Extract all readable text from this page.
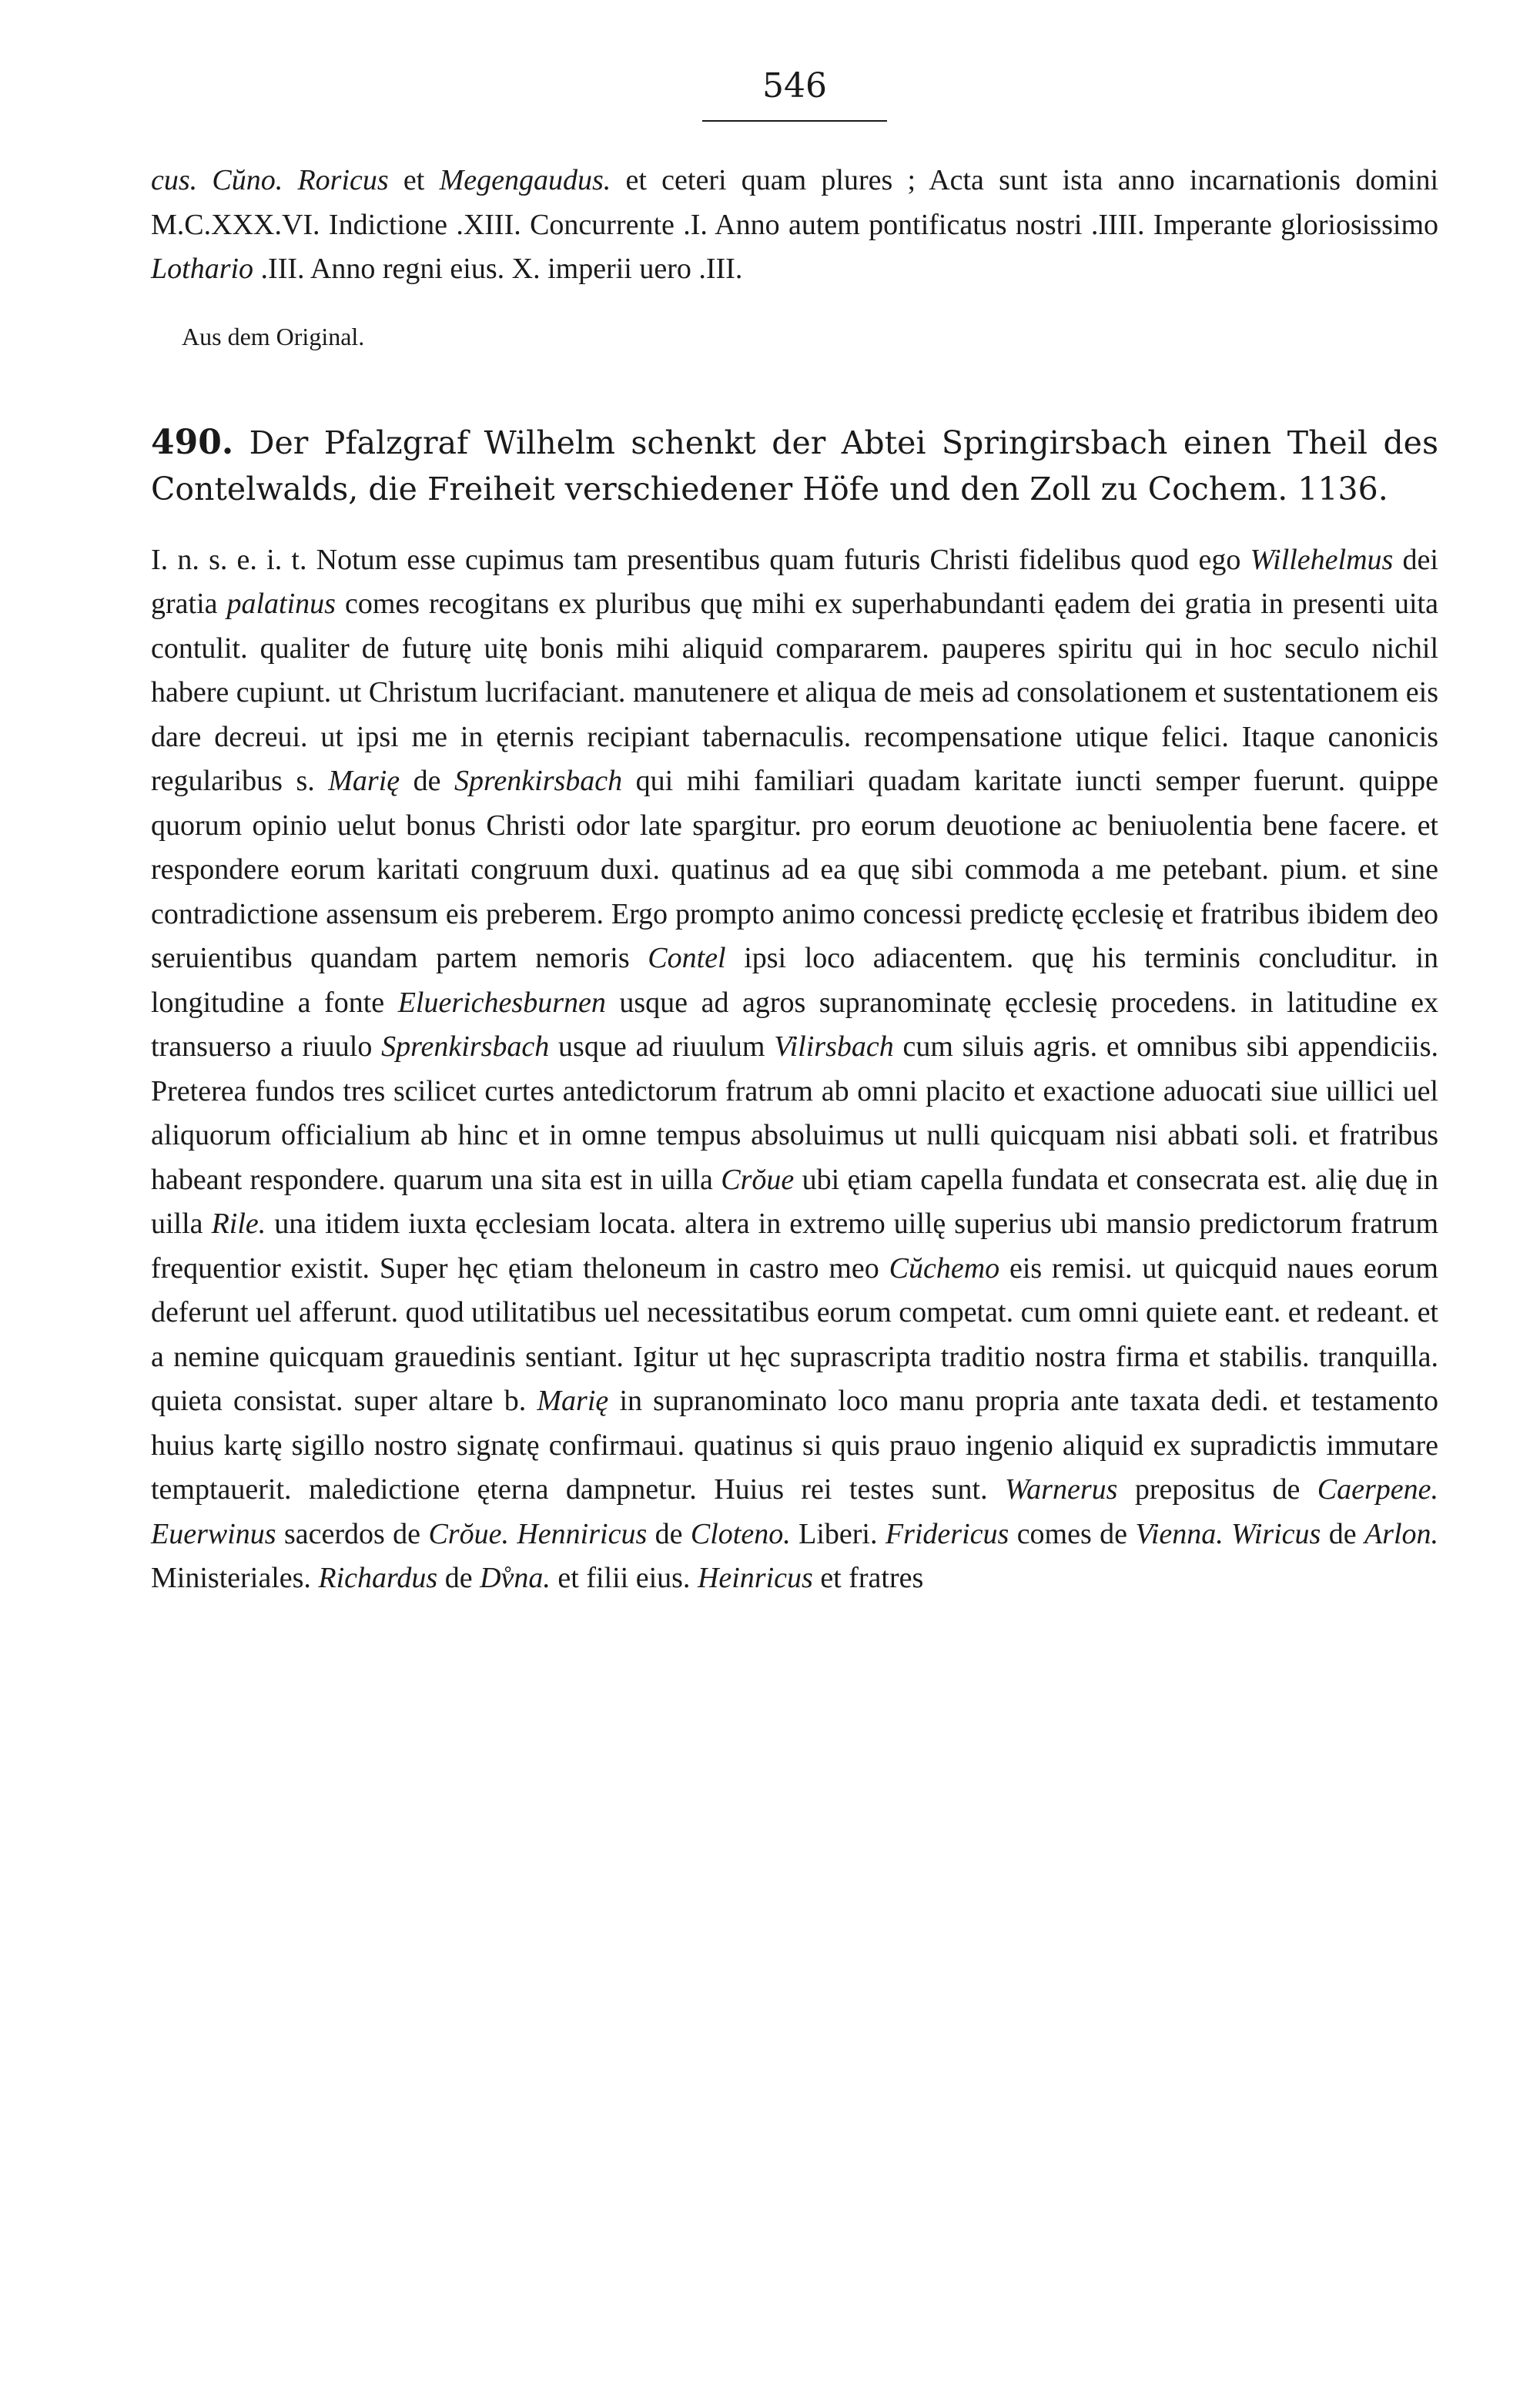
546

cus. Cŭno. Roricus et Megengaudus. et ceteri quam plures ; Acta sunt ista anno incarnationis domini M.C.XXX.VI. Indictione .XIII. Concurrente .I. Anno autem pontificatus nostri .IIII. Imperante gloriosissimo Lothario .III. Anno regni eius. X. imperii uero .III.

Aus dem Original.
490. Der Pfalzgraf Wilhelm schenkt der Abtei Springirsbach einen Theil des Contelwalds, die Freiheit verschiedener Höfe und den Zoll zu Cochem. 1136.

I. n. s. e. i. t. Notum esse cupimus tam presentibus quam futuris Christi fidelibus quod ego Willehelmus dei gratia palatinus comes recogitans ex pluribus quę mihi ex superhabundanti ęadem dei gratia in presenti uita contulit. qualiter de futurę uitę bonis mihi aliquid compararem. pauperes spiritu qui in hoc seculo nichil habere cupiunt. ut Christum lucrifaciant. manutenere et aliqua de meis ad consolationem et sustentationem eis dare decreui. ut ipsi me in ęternis recipiant tabernaculis. recompensatione utique felici. Itaque canonicis regularibus s. Marię de Sprenkirsbach qui mihi familiari quadam karitate iuncti semper fuerunt. quippe quorum opinio uelut bonus Christi odor late spargitur. pro eorum deuotione ac beniuolentia bene facere. et respondere eorum karitati congruum duxi. quatinus ad ea quę sibi commoda a me petebant. pium. et sine contradictione assensum eis preberem. Ergo prompto animo concessi predictę ęcclesię et fratribus ibidem deo seruientibus quandam partem nemoris Contel ipsi loco adiacentem. quę his terminis concluditur. in longitudine a fonte Eluerichesburnen usque ad agros supranominatę ęcclesię procedens. in latitudine ex transuerso a riuulo Sprenkirsbach usque ad riuulum Vilirsbach cum siluis agris. et omnibus sibi appendiciis. Preterea fundos tres scilicet curtes antedictorum fratrum ab omni placito et exactione aduocati siue uillici uel aliquorum officialium ab hinc et in omne tempus absoluimus ut nulli quicquam nisi abbati soli. et fratribus habeant respondere. quarum una sita est in uilla Crŏue ubi ętiam capella fundata et consecrata est. alię duę in uilla Rile. una itidem iuxta ęcclesiam locata. altera in extremo uillę superius ubi mansio predictorum fratrum frequentior existit. Super hęc ętiam theloneum in castro meo Cŭchemo eis remisi. ut quicquid naues eorum deferunt uel afferunt. quod utilitatibus uel necessitatibus eorum competat. cum omni quiete eant. et redeant. et a nemine quicquam grauedinis sentiant. Igitur ut hęc suprascripta traditio nostra firma et stabilis. tranquilla. quieta consistat. super altare b. Marię in supranominato loco manu propria ante taxata dedi. et testamento huius kartę sigillo nostro signatę confirmaui. quatinus si quis prauo ingenio aliquid ex supradictis immutare temptauerit. maledictione ęterna dampnetur. Huius rei testes sunt. Warnerus prepositus de Caerpene. Euerwinus sacerdos de Crŏue. Henniricus de Cloteno. Liberi. Fridericus comes de Vienna. Wiricus de Arlon. Ministeriales. Richardus de Dv̊na. et filii eius. Heinricus et fratres
